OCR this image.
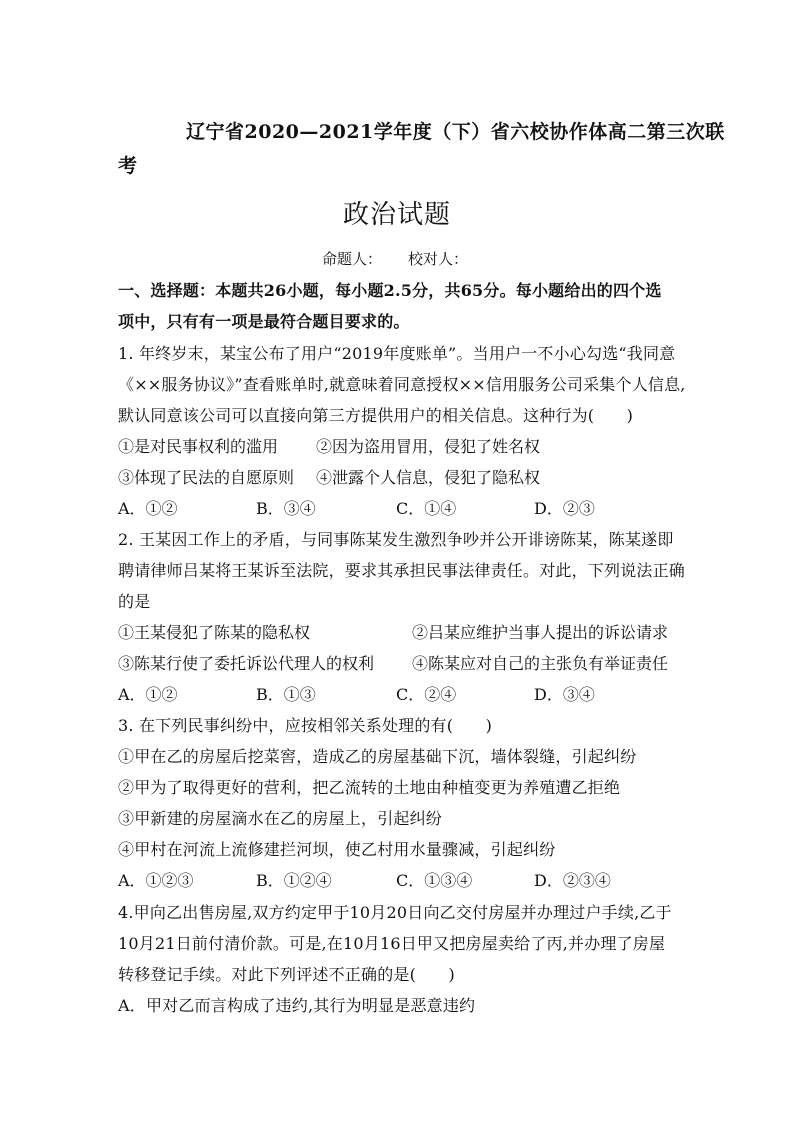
辽宁省2020—2021学年度（下）省六校协作体高二第三次联
考
政治试题
命题人： 校对人：
一、选择题：本题共26小题，每小题2.5分，共65分。每小题给出的四个选
项中，只有有一项是最符合题目要求的。
1. 年终岁末，某宝公布了用户“2019年度账单”。当用户一不小心勾选“我同意
《××服务协议》”查看账单时,就意味着同意授权××信用服务公司采集个人信息,
默认同意该公司可以直接向第三方提供用户的相关信息。这种行为(　　)
①是对民事权利的滥用 ②因为盗用冒用，侵犯了姓名权
③体现了民法的自愿原则 ④泄露个人信息，侵犯了隐私权
A．①②	B．③④	C．①④	D．②③
2. 王某因工作上的矛盾，与同事陈某发生激烈争吵并公开诽谤陈某，陈某遂即
聘请律师吕某将王某诉至法院，要求其承担民事法律责任。对此，下列说法正确
的是
①王某侵犯了陈某的隐私权	②吕某应维护当事人提出的诉讼请求
③陈某行使了委托诉讼代理人的权利 ④陈某应对自己的主张负有举证责任
A．①②	B．①③	C．②④	D．③④
3. 在下列民事纠纷中，应按相邻关系处理的有(　　)
①甲在乙的房屋后挖菜窖，造成乙的房屋基础下沉，墙体裂缝，引起纠纷
②甲为了取得更好的营利，把乙流转的土地由种植变更为养殖遭乙拒绝
③甲新建的房屋滴水在乙的房屋上，引起纠纷
④甲村在河流上流修建拦河坝，使乙村用水量骤减，引起纠纷
A．①②③	B．①②④	C．①③④	D．②③④
4.甲向乙出售房屋,双方约定甲于10月20日向乙交付房屋并办理过户手续,乙于
10月21日前付清价款。可是,在10月16日甲又把房屋卖给了丙,并办理了房屋
转移登记手续。对此下列评述不正确的是(　　)
A．甲对乙而言构成了违约,其行为明显是恶意违约
